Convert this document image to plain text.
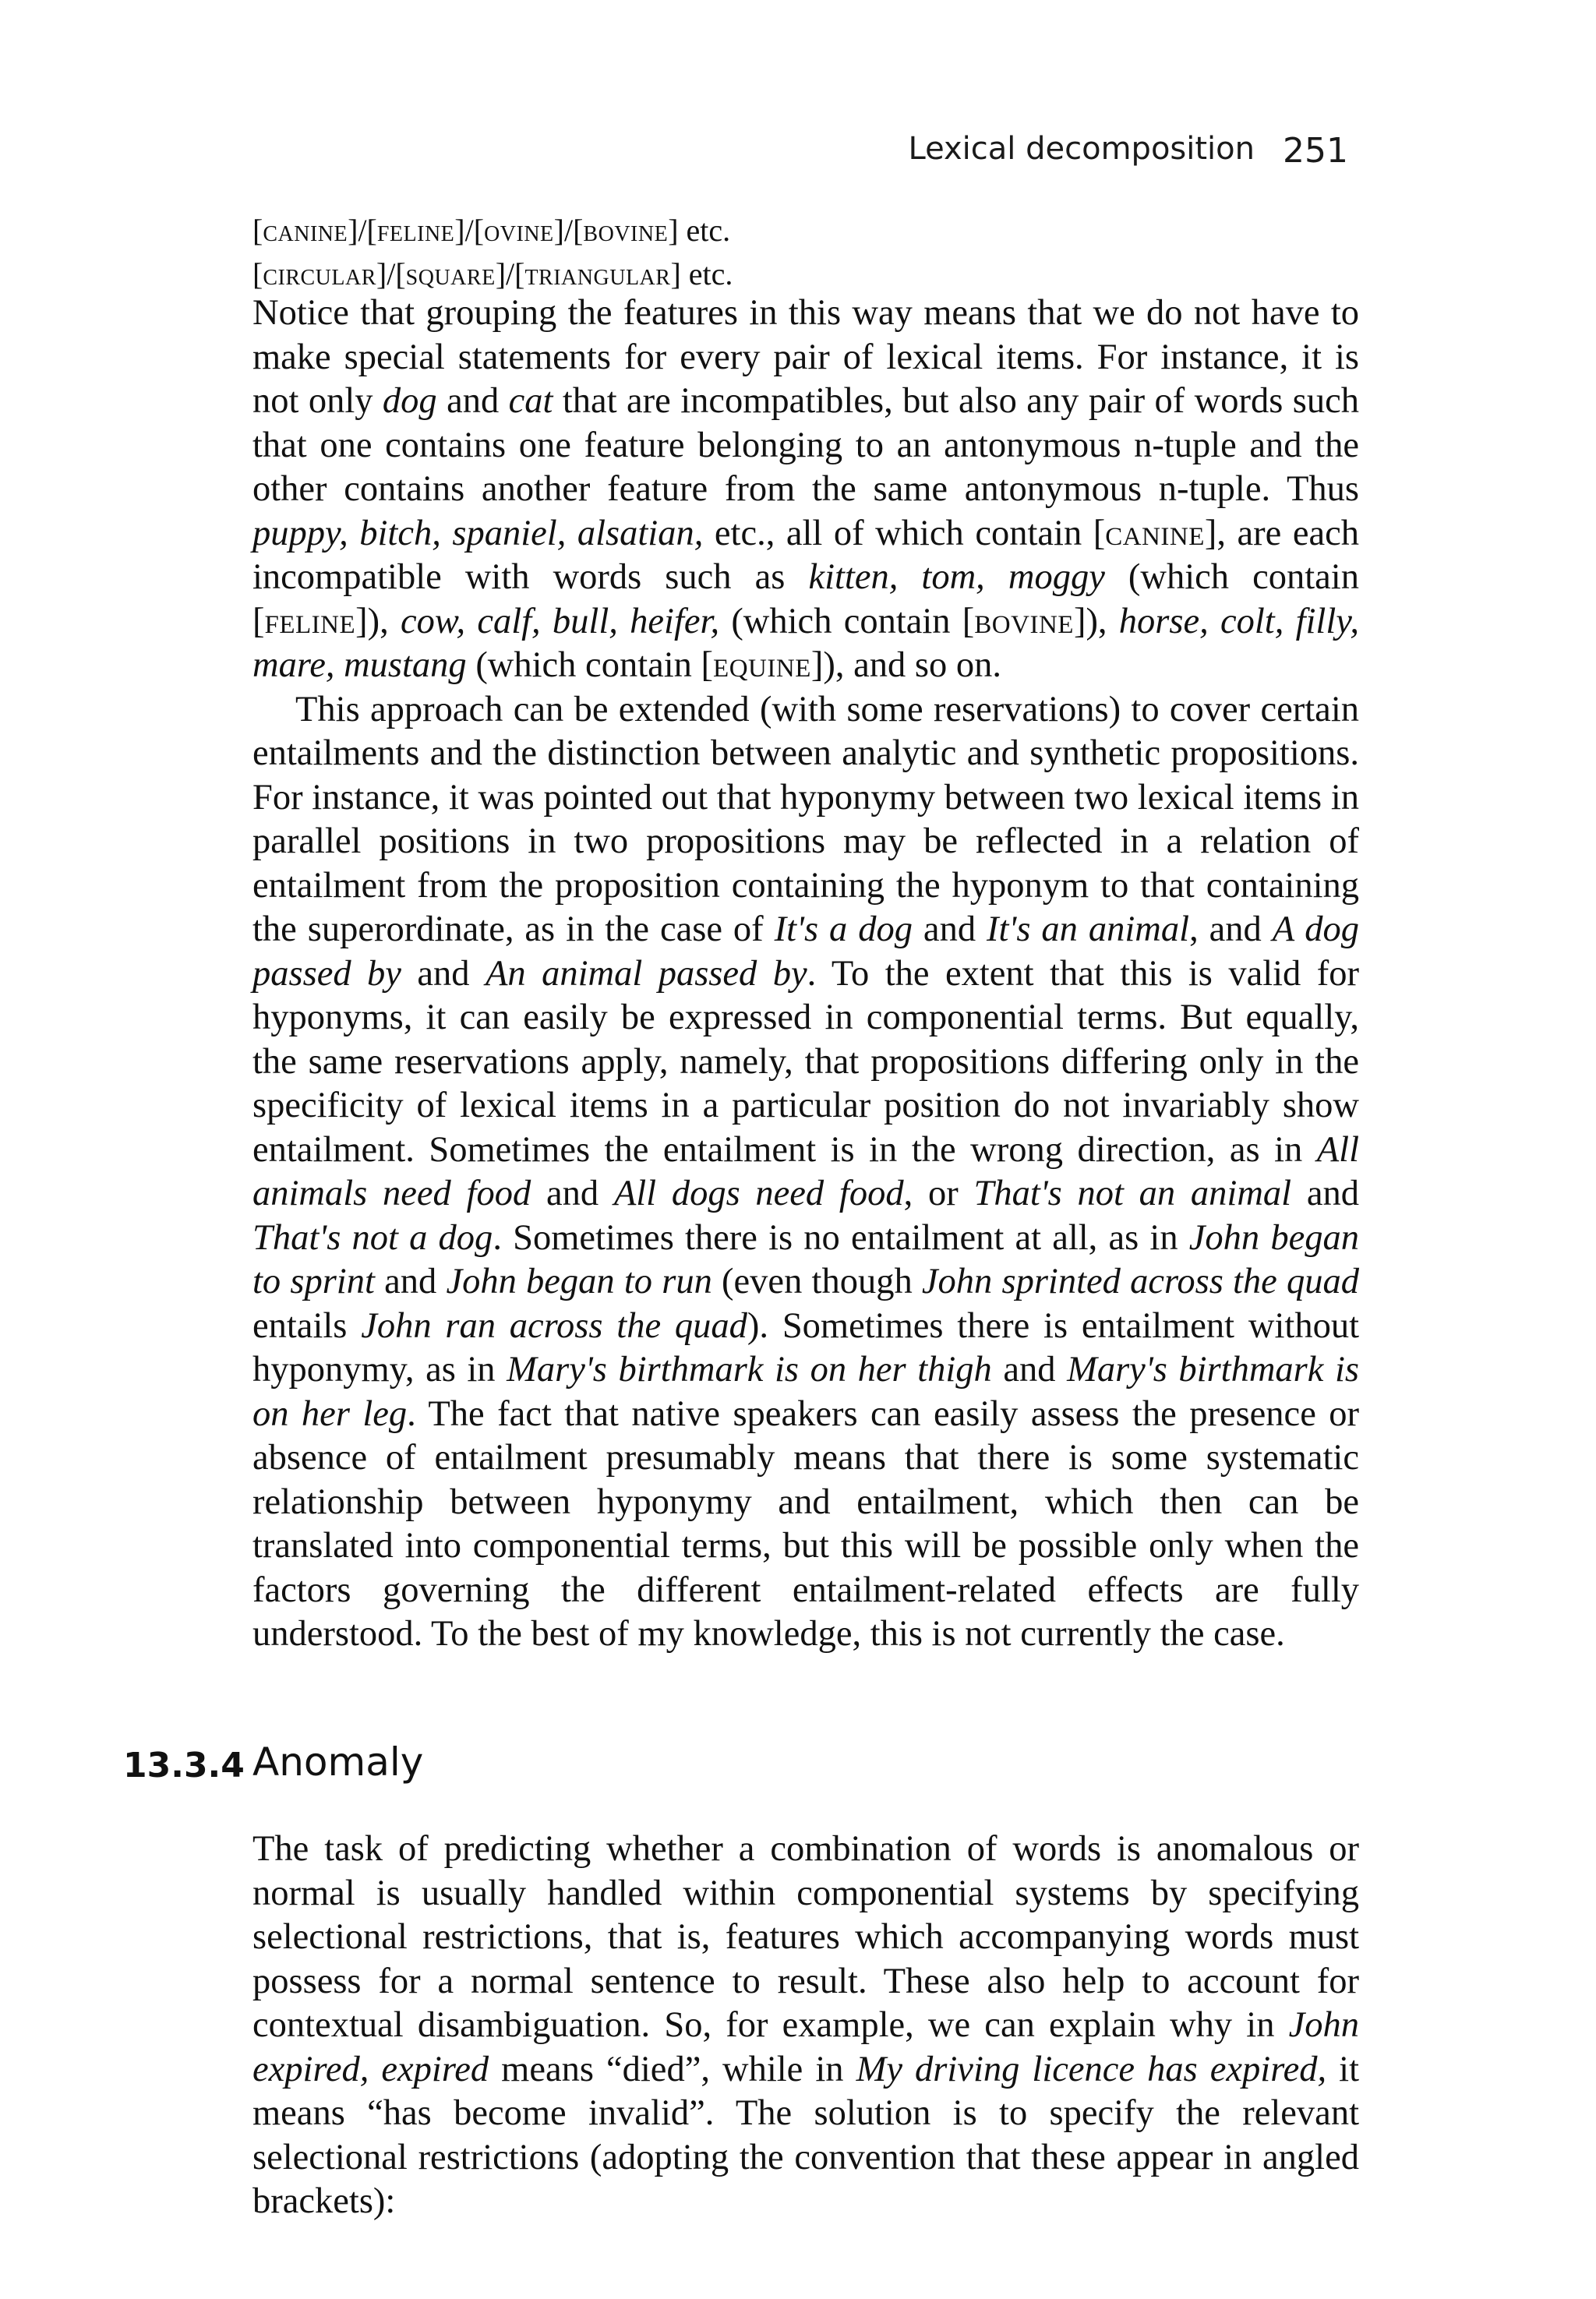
Lexical decomposition 251
[canine]/[feline]/[ovine]/[bovine] etc.
[circular]/[square]/[triangular] etc.

Notice that grouping the features in this way means that we do not have to make special statements for every pair of lexical items. For instance, it is not only dog and cat that are incompatibles, but also any pair of words such that one contains one feature belonging to an antonymous n-tuple and the other contains another feature from the same antonymous n-tuple. Thus puppy, bitch, spaniel, alsatian, etc., all of which contain [canine], are each incompatible with words such as kitten, tom, moggy (which contain [feline]), cow, calf, bull, heifer, (which contain [bovine]), horse, colt, filly, mare, mustang (which contain [equine]), and so on.

This approach can be extended (with some reservations) to cover certain entailments and the distinction between analytic and synthetic propositions. For instance, it was pointed out that hyponymy between two lexical items in parallel positions in two propositions may be reflected in a relation of entailment from the proposition containing the hyponym to that containing the superordinate, as in the case of It's a dog and It's an animal, and A dog passed by and An animal passed by. To the extent that this is valid for hyponyms, it can easily be expressed in componential terms. But equally, the same reservations apply, namely, that propositions differing only in the specificity of lexical items in a particular position do not invariably show entailment. Sometimes the entailment is in the wrong direction, as in All animals need food and All dogs need food, or That's not an animal and That's not a dog. Sometimes there is no entailment at all, as in John began to sprint and John began to run (even though John sprinted across the quad entails John ran across the quad). Sometimes there is entailment without hyponymy, as in Mary's birthmark is on her thigh and Mary's birthmark is on her leg. The fact that native speakers can easily assess the presence or absence of entailment presumably means that there is some systematic relationship between hyponymy and entailment, which then can be translated into componential terms, but this will be possible only when the factors governing the different entailment-related effects are fully understood. To the best of my knowledge, this is not currently the case.

13.3.4 Anomaly

The task of predicting whether a combination of words is anomalous or normal is usually handled within componential systems by specifying selectional restrictions, that is, features which accompanying words must possess for a normal sentence to result. These also help to account for contextual disambiguation. So, for example, we can explain why in John expired, expired means “died”, while in My driving licence has expired, it means “has become invalid”. The solution is to specify the relevant selectional restrictions (adopting the convention that these appear in angled brackets):
